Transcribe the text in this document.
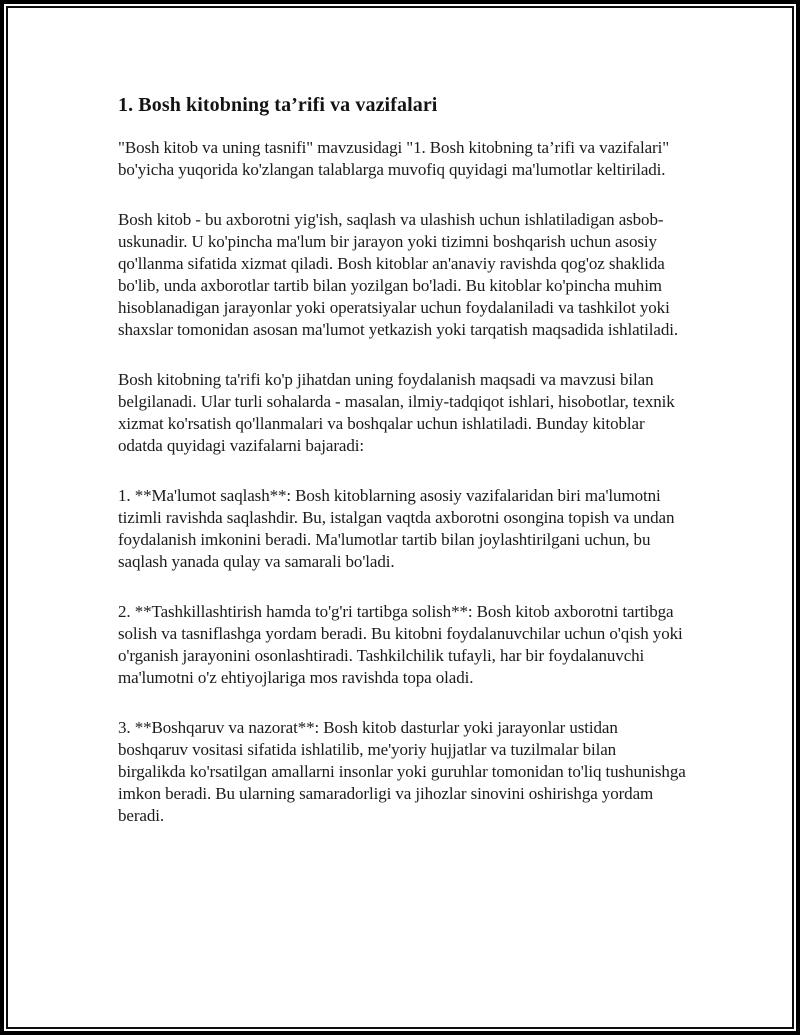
1. Bosh kitobning ta’rifi va vazifalari

"Bosh kitob va uning tasnifi" mavzusidagi "1. Bosh kitobning ta’rifi va vazifalari" bo'yicha yuqorida ko'zlangan talablarga muvofiq quyidagi ma'lumotlar keltiriladi.

Bosh kitob - bu axborotni yig'ish, saqlash va ulashish uchun ishlatiladigan asbob-uskunadir. U ko'pincha ma'lum bir jarayon yoki tizimni boshqarish uchun asosiy qo'llanma sifatida xizmat qiladi. Bosh kitoblar an'anaviy ravishda qog'oz shaklida bo'lib, unda axborotlar tartib bilan yozilgan bo'ladi. Bu kitoblar ko'pincha muhim hisoblanadigan jarayonlar yoki operatsiyalar uchun foydalaniladi va tashkilot yoki shaxslar tomonidan asosan ma'lumot yetkazish yoki tarqatish maqsadida ishlatiladi.

Bosh kitobning ta'rifi ko'p jihatdan uning foydalanish maqsadi va mavzusi bilan belgilanadi. Ular turli sohalarda - masalan, ilmiy-tadqiqot ishlari, hisobotlar, texnik xizmat ko'rsatish qo'llanmalari va boshqalar uchun ishlatiladi. Bunday kitoblar odatda quyidagi vazifalarni bajaradi:

1. **Ma'lumot saqlash**: Bosh kitoblarning asosiy vazifalaridan biri ma'lumotni tizimli ravishda saqlashdir. Bu, istalgan vaqtda axborotni osongina topish va undan foydalanish imkonini beradi. Ma'lumotlar tartib bilan joylashtirilgani uchun, bu saqlash yanada qulay va samarali bo'ladi.

2. **Tashkillashtirish hamda to'g'ri tartibga solish**: Bosh kitob axborotni tartibga solish va tasniflashga yordam beradi. Bu kitobni foydalanuvchilar uchun o'qish yoki o'rganish jarayonini osonlashtiradi. Tashkilchilik tufayli, har bir foydalanuvchi ma'lumotni o'z ehtiyojlariga mos ravishda topa oladi.

3. **Boshqaruv va nazorat**: Bosh kitob dasturlar yoki jarayonlar ustidan boshqaruv vositasi sifatida ishlatilib, me'yoriy hujjatlar va tuzilmalar bilan birgalikda ko'rsatilgan amallarni insonlar yoki guruhlar tomonidan to'liq tushunishga imkon beradi. Bu ularning samaradorligi va jihozlar sinovini oshirishga yordam beradi.
